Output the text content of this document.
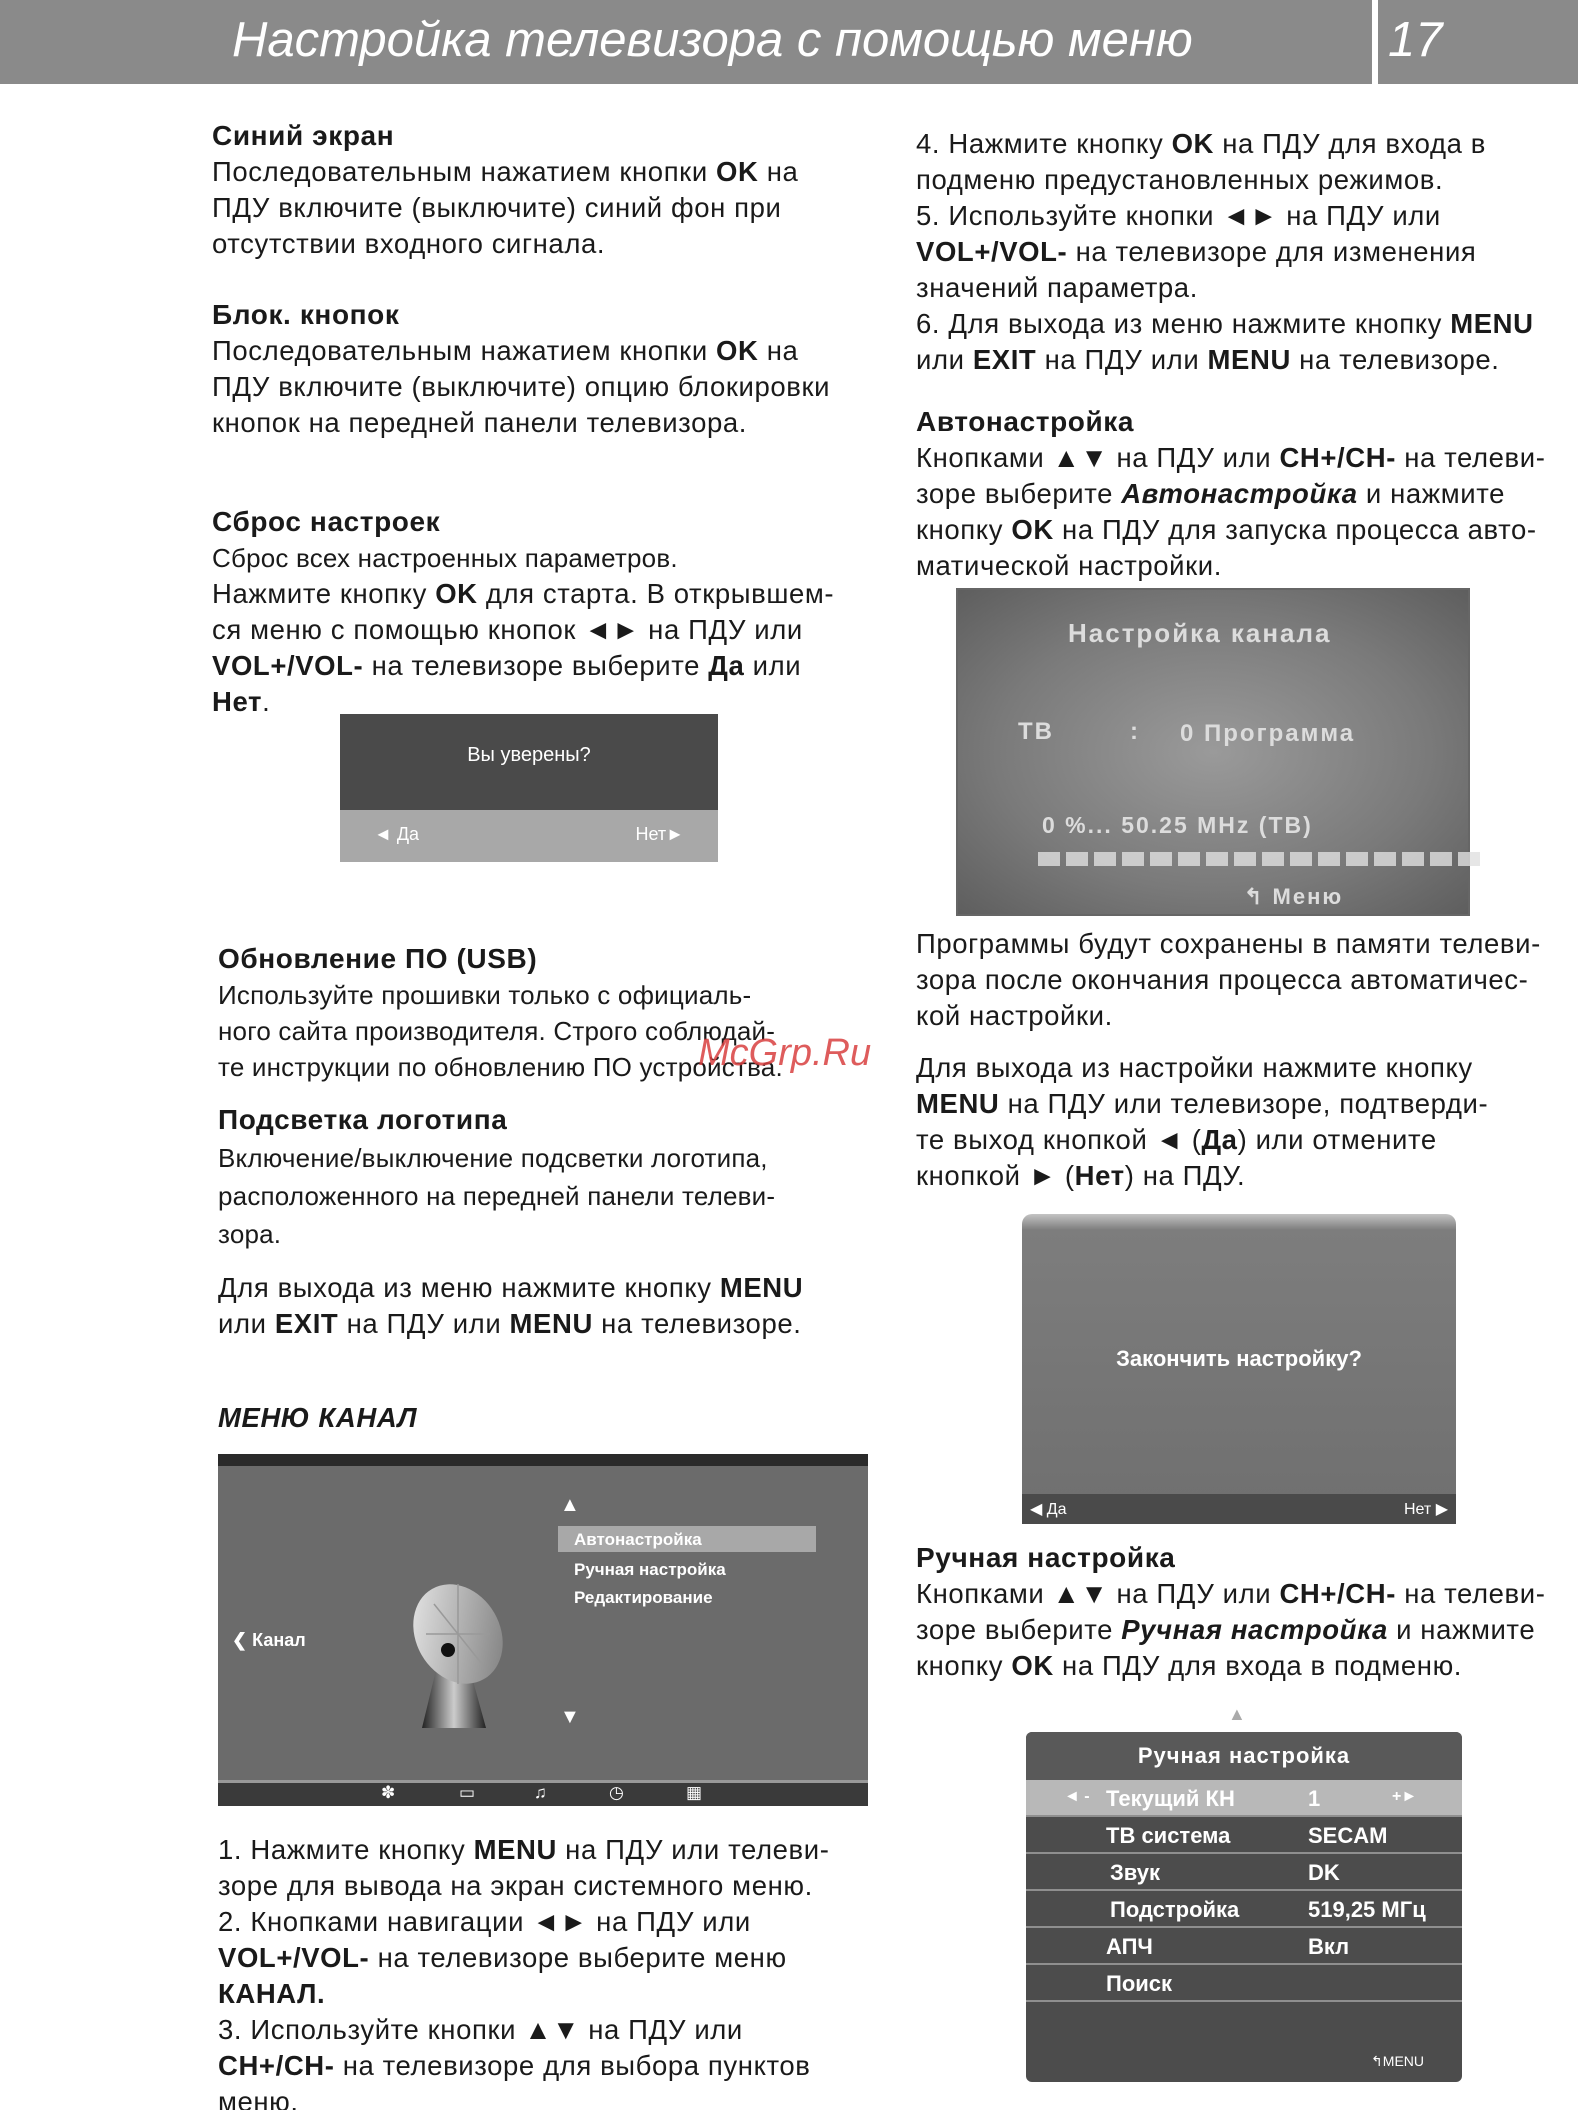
Настройка телевизора с помощью меню	17

Синий экран

Последовательным нажатием кнопки OK на

ПДУ включите (выключите) синий фон при

отсутствии входного сигнала.

Блок. кнопок

Последовательным нажатием кнопки OK на

ПДУ включите (выключите) опцию блокировки

кнопок на передней панели телевизора.

Сброс настроек

Сброс всех настроенных параметров.

Нажмите кнопку OK для старта. В открывшем-

ся меню с помощью кнопок ◄► на ПДУ или

VOL+/VOL- на телевизоре выберите Да или

Нет.

Вы уверены?
◄ Да	Нет►

Обновление ПО (USB)

Используйте прошивки только с официаль-

ного сайта производителя. Строго соблюдай-

те инструкции по обновлению ПО устройства.

McGrp.Ru

Подсветка логотипа

Включение/выключение подсветки логотипа,

расположенного на передней панели телеви-

зора.

Для выхода из меню нажмите кнопку MENU

или EXIT на ПДУ или MENU на телевизоре.

МЕНЮ КАНАЛ
▲
Автонастройка
Ручная настройка
Редактирование
▼
❮ Канал
✽	▭	♫	◷	▦

1. Нажмите кнопку MENU на ПДУ или телеви-

зоре для вывода на экран системного меню.

2. Кнопками навигации ◄► на ПДУ или

VOL+/VOL- на телевизоре выберите меню

КАНАЛ.

3. Используйте кнопки ▲▼ на ПДУ или

CH+/CH- на телевизоре для выбора пунктов

меню.

4. Нажмите кнопку OK на ПДУ для входа в

подменю предустановленных режимов.

5. Используйте кнопки ◄► на ПДУ или

VOL+/VOL- на телевизоре для изменения

значений параметра.

6. Для выхода из меню нажмите кнопку MENU

или EXIT на ПДУ или MENU на телевизоре.

Автонастройка

Кнопками ▲▼ на ПДУ или CH+/CH- на телеви-

зоре выберите Автонастройка и нажмите

кнопку OK на ПДУ для запуска процесса авто-

матической настройки.

Настройка канала
ТВ	: 0 Программа
0 %... 50.25 MHz (ТВ)
↰ Меню

Программы будут сохранены в памяти телеви-

зора после окончания процесса автоматичес-

кой настройки.

Для выхода из настройки нажмите кнопку

MENU на ПДУ или телевизоре, подтверди-

те выход кнопкой ◄ (Да) или отмените

кнопкой ► (Нет) на ПДУ.

Закончить настройку?
◀ Да	Нет ▶

Ручная настройка

Кнопками ▲▼ на ПДУ или CH+/CH- на телеви-

зоре выберите Ручная настройка и нажмите

кнопку OK на ПДУ для входа в подменю.

▲
Ручная настройка
◄ - Текущий КН	1	+►
ТВ система	SECAM
Звук	DK
Подстройка	519,25 МГц
АПЧ	Вкл
Поиск
↰MENU
